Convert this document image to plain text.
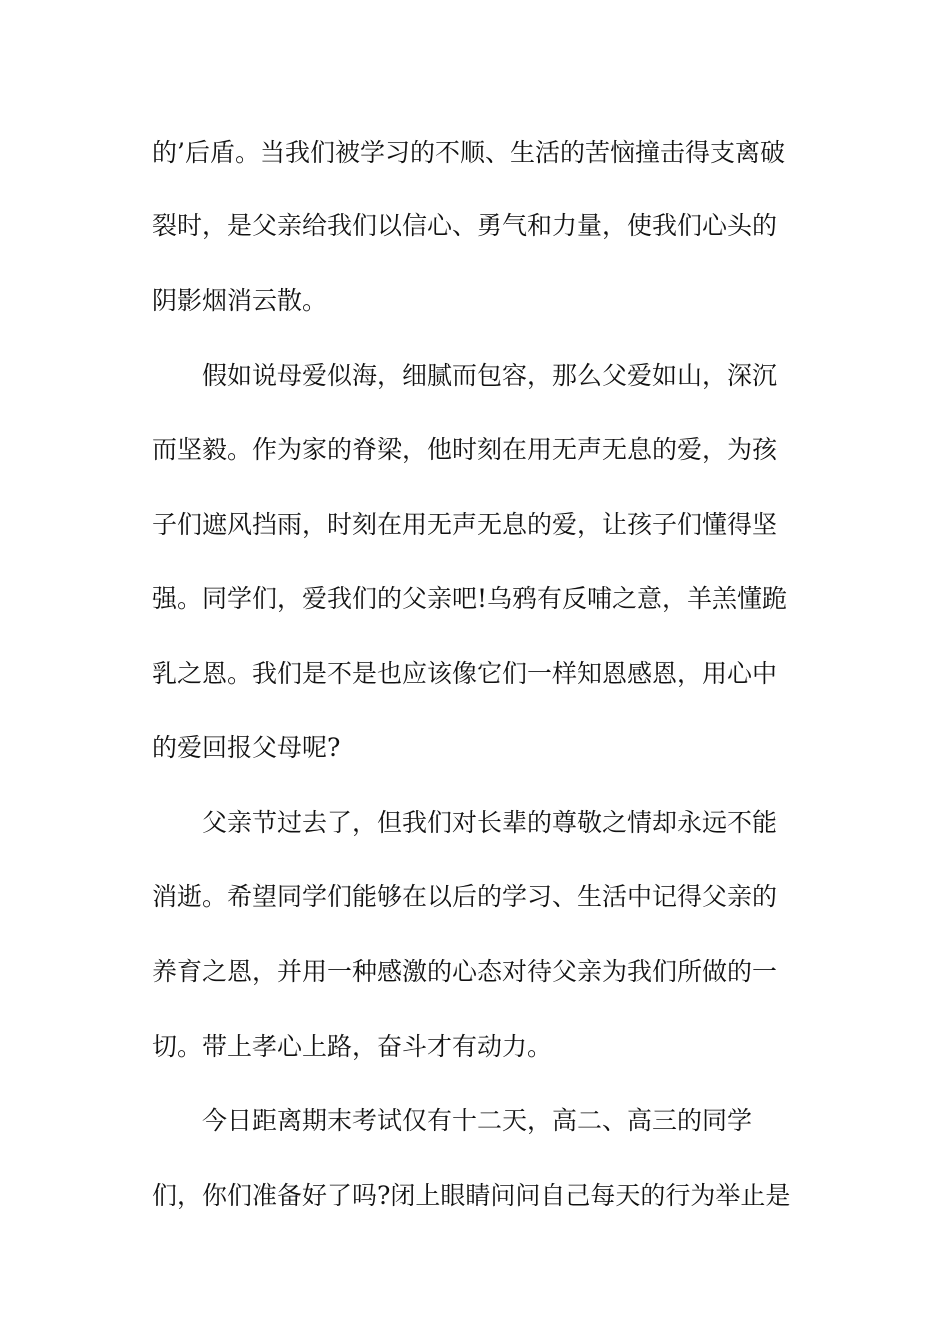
的’后盾。当我们被学习的不顺、生活的苦恼撞击得支离破
裂时，是父亲给我们以信心、勇气和力量，使我们心头的
阴影烟消云散。
假如说母爱似海，细腻而包容，那么父爱如山，深沉
而坚毅。作为家的脊梁，他时刻在用无声无息的爱，为孩
子们遮风挡雨，时刻在用无声无息的爱，让孩子们懂得坚
强。同学们，爱我们的父亲吧!乌鸦有反哺之意，羊羔懂跪
乳之恩。我们是不是也应该像它们一样知恩感恩，用心中
的爱回报父母呢?
父亲节过去了，但我们对长辈的尊敬之情却永远不能
消逝。希望同学们能够在以后的学习、生活中记得父亲的
养育之恩，并用一种感激的心态对待父亲为我们所做的一
切。带上孝心上路，奋斗才有动力。
今日距离期末考试仅有十二天，高二、高三的同学
们，你们准备好了吗?闭上眼睛问问自己每天的行为举止是
